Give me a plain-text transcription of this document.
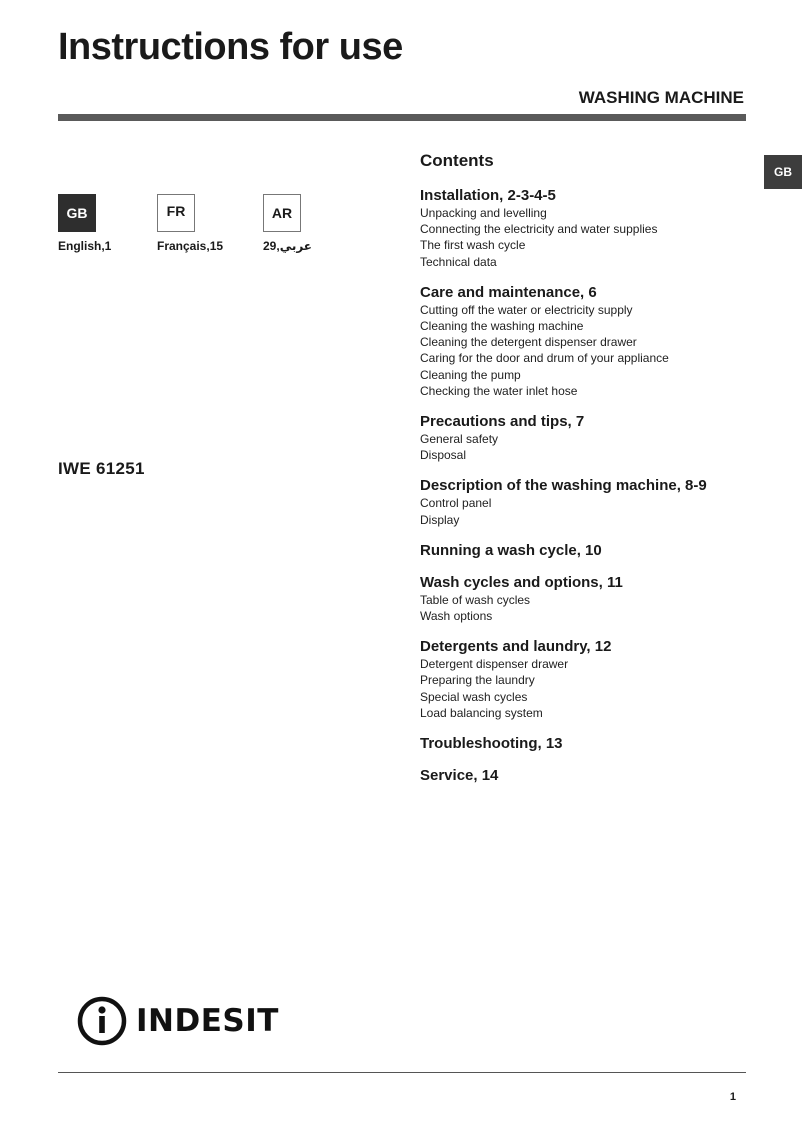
Instructions for use
WASHING MACHINE
GB
GB
English,1
FR
Français,15
AR
عربي,29
IWE 61251
Contents
Installation, 2-3-4-5
Unpacking and levelling
Connecting the electricity and water supplies
The first wash cycle
Technical data
Care and maintenance, 6
Cutting off the water or electricity supply
Cleaning the washing machine
Cleaning the detergent dispenser drawer
Caring for the door and drum of your appliance
Cleaning the pump
Checking the water inlet hose
Precautions and tips, 7
General safety
Disposal
Description of the washing machine, 8-9
Control panel
Display
Running a wash cycle, 10
Wash cycles and options, 11
Table of wash cycles
Wash options
Detergents and laundry, 12
Detergent dispenser drawer
Preparing the laundry
Special wash cycles
Load balancing system
Troubleshooting, 13
Service, 14
INDESIT
1
